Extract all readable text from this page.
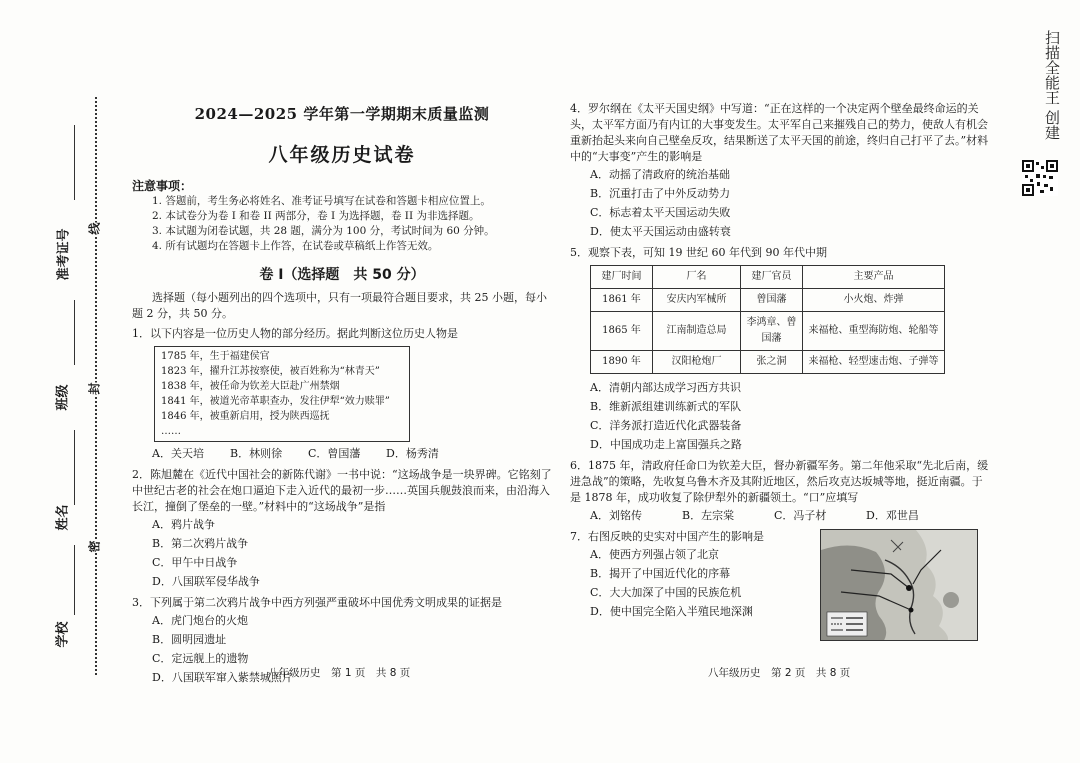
准考证号
班级
姓名
学校
线
封
密
2024—2025 学年第一学期期末质量监测
八年级历史试卷
注意事项：
1. 答题前，考生务必将姓名、准考证号填写在试卷和答题卡相应位置上。
2. 本试卷分为卷 I 和卷 II 两部分，卷 I 为选择题，卷 II 为非选择题。
3. 本试题为闭卷试题，共 28 题，满分为 100 分，考试时间为 60 分钟。
4. 所有试题均在答题卡上作答，在试卷或草稿纸上作答无效。
卷 I（选择题　共 50 分）
选择题（每小题列出的四个选项中，只有一项最符合题目要求，共 25 小题，每小题 2 分，共 50 分。
1．以下内容是一位历史人物的部分经历。据此判断这位历史人物是
1785 年，生于福建侯官
1823 年，擢升江苏按察使，被百姓称为“林青天”
1838 年，被任命为钦差大臣赴广州禁烟
1841 年，被道光帝革职查办，发往伊犁“效力赎罪”
1846 年，被重新启用，授为陕西巡抚
……
A．关天培	B．林则徐	C．曾国藩	D．杨秀清
2．陈旭麓在《近代中国社会的新陈代谢》一书中说：“这场战争是一块界碑。它铭刻了中世纪古老的社会在炮口逼迫下走入近代的最初一步……英国兵舰鼓浪而来，由沿海入长江，撞倒了堡垒的一壁。”材料中的“这场战争”是指
A．鸦片战争
B．第二次鸦片战争
C．甲午中日战争
D．八国联军侵华战争
3．下列属于第二次鸦片战争中西方列强严重破坏中国优秀文明成果的证据是
A．虎门炮台的火炮
B．圆明园遗址
C．定远舰上的遗物
D．八国联军窜入紫禁城照片
4．罗尔纲在《太平天国史纲》中写道：“正在这样的一个决定两个壁垒最终命运的关头，太平军方面乃有内讧的大事变发生。太平军自己来摧残自己的势力，使敌人有机会重新抬起头来向自己壁垒反攻，结果断送了太平天国的前途，终归自己打平了去。”材料中的“大事变”产生的影响是
A．动摇了清政府的统治基础
B．沉重打击了中外反动势力
C．标志着太平天国运动失败
D．使太平天国运动由盛转衰
5．观察下表，可知 19 世纪 60 年代到 90 年代中期
建厂时间	厂名	建厂官员	主要产品
1861 年	安庆内军械所	曾国藩	小火炮、炸弹
1865 年	江南制造总局	李鸿章、曾国藩	来福枪、重型海防炮、轮船等
1890 年	汉阳枪炮厂	张之洞	来福枪、轻型速击炮、子弹等
A．清朝内部达成学习西方共识
B．维新派组建训练新式的军队
C．洋务派打造近代化武器装备
D．中国成功走上富国强兵之路
6．1875 年，清政府任命口为钦差大臣，督办新疆军务。第二年他采取“先北后南，缓进急战”的策略，先收复乌鲁木齐及其附近地区，然后攻克达坂城等地，挺近南疆。于是 1878 年，成功收复了除伊犁外的新疆领土。“口”应填写
A．刘铭传	B．左宗棠	C．冯子材	D．邓世昌
7．右图反映的史实对中国产生的影响是
A．使西方列强占领了北京
B．揭开了中国近代化的序幕
C．大大加深了中国的民族危机
D．使中国完全陷入半殖民地深渊
八年级历史　第 1 页　共 8 页	八年级历史　第 2 页　共 8 页
扫描全能王 创建
